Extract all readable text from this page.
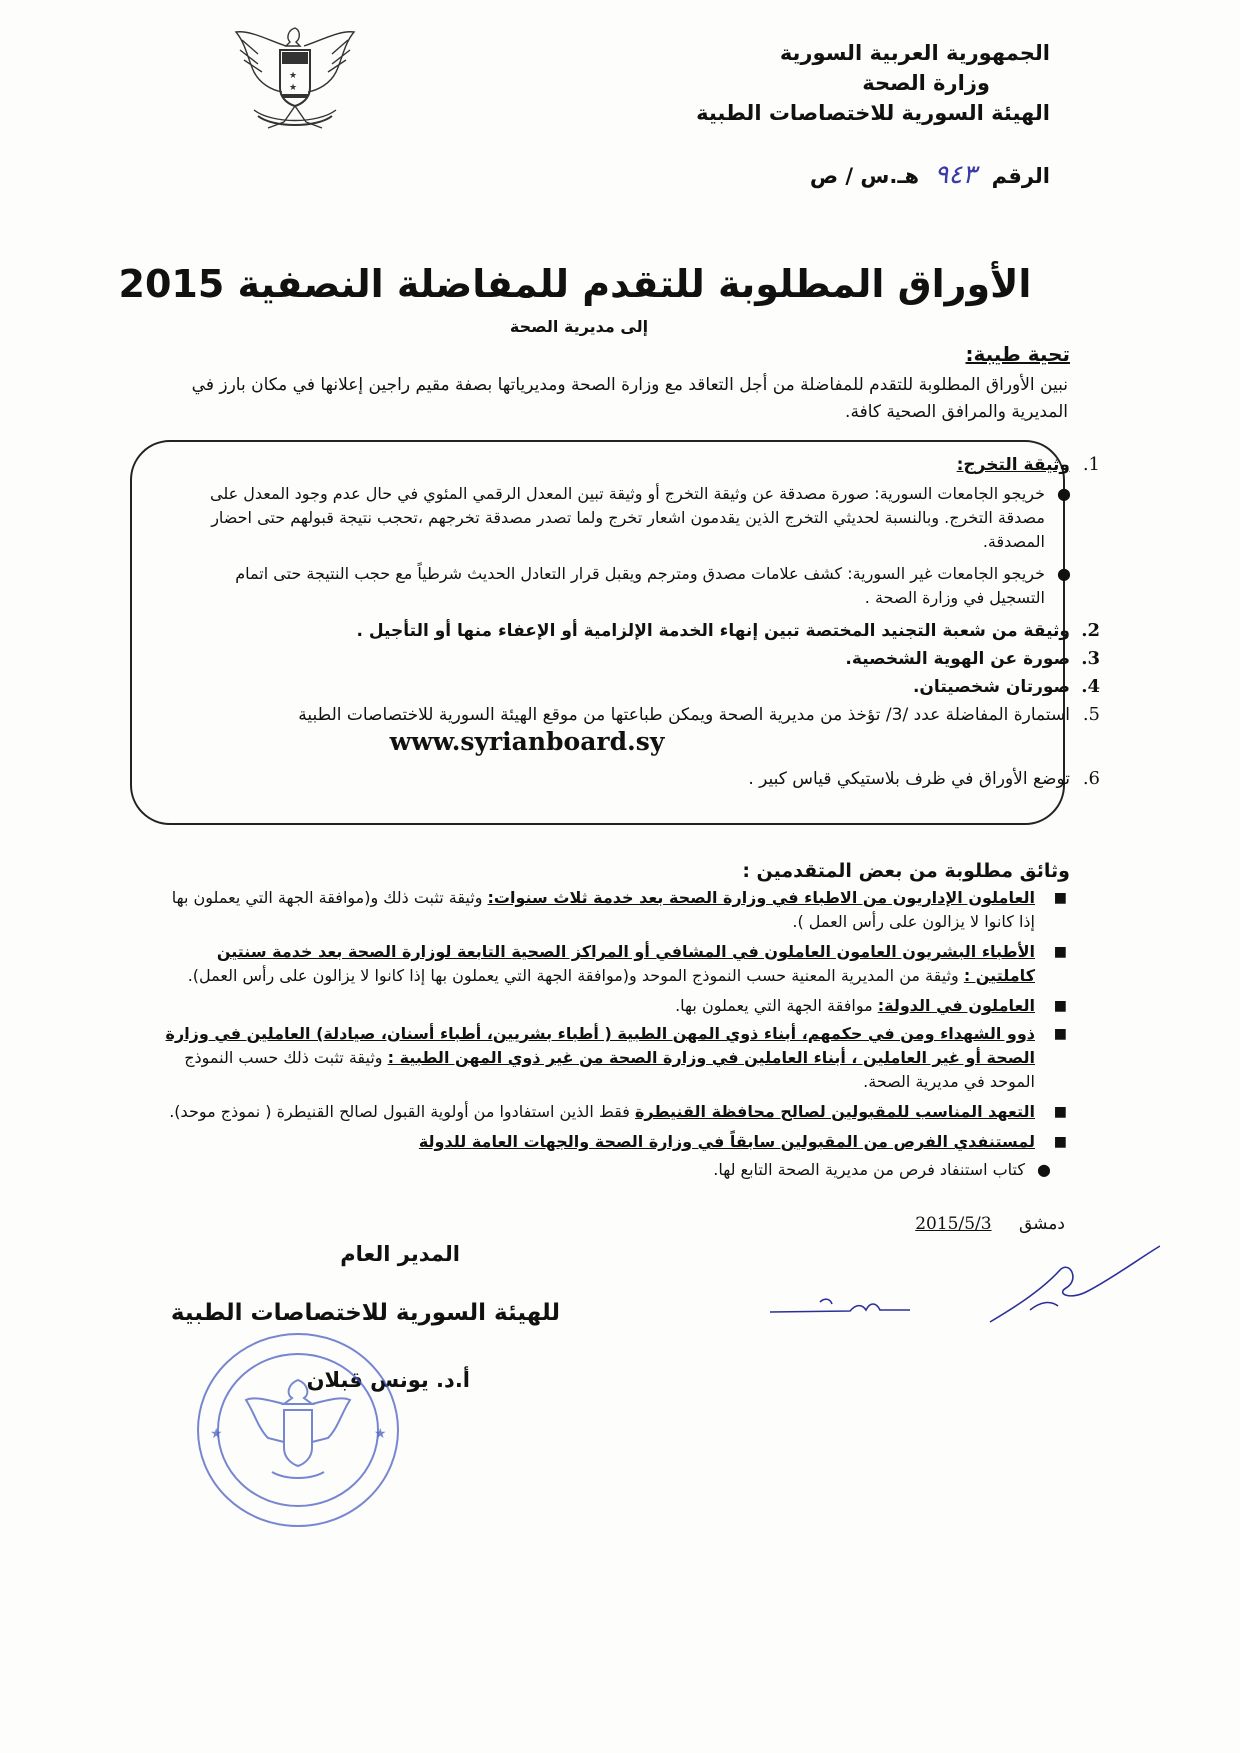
★
★
الجمهورية العربية السورية
وزارة الصحة
الهيئة السورية للاختصاصات الطبية
الرقم ٩٤٣ هـ.س / ص
الأوراق المطلوبة للتقدم للمفاضلة النصفية 2015
إلى مديرية الصحة
تحية طيبة:
نبين الأوراق المطلوبة للتقدم للمفاضلة من أجل التعاقد مع وزارة الصحة ومديرياتها بصفة مقيم راجين إعلانها في مكان بارز في المديرية والمرافق الصحية كافة.
1.
وثيقة التخرج:
●
خريجو الجامعات السورية: صورة مصدقة عن وثيقة التخرج أو وثيقة تبين المعدل الرقمي المئوي في حال عدم وجود المعدل على مصدقة التخرج. وبالنسبة لحديثي التخرج الذين يقدمون اشعار تخرج ولما تصدر مصدقة تخرجهم ،تحجب نتيجة قبولهم حتى احضار المصدقة.
●
خريجو الجامعات غير السورية: كشف علامات مصدق ومترجم ويقبل قرار التعادل الحديث شرطياً مع حجب النتيجة حتى اتمام التسجيل في وزارة الصحة .
2.
وثيقة من شعبة التجنيد المختصة تبين إنهاء الخدمة الإلزامية أو الإعفاء منها أو التأجيل .
3.
صورة عن الهوية الشخصية.
4.
صورتان شخصيتان.
5.
استمارة المفاضلة عدد /3/ تؤخذ من مديرية الصحة ويمكن طباعتها من موقع الهيئة السورية للاختصاصات الطبية
www.syrianboard.sy
6.
توضع الأوراق في ظرف بلاستيكي قياس كبير .
وثائق مطلوبة من بعض المتقدمين :
■
العاملون الإداريون من الاطباء في وزارة الصحة بعد خدمة ثلاث سنوات: وثيقة تثبت ذلك و(موافقة الجهة التي يعملون بها إذا كانوا لا يزالون على رأس العمل ).
■
الأطباء البشريون العامون العاملون في المشافي أو المراكز الصحية التابعة لوزارة الصحة بعد خدمة سنتين كاملتين : وثيقة من المديرية المعنية حسب النموذج الموحد و(موافقة الجهة التي يعملون بها إذا كانوا لا يزالون على رأس العمل).
■
العاملون في الدولة: موافقة الجهة التي يعملون بها.
■
ذوو الشهداء ومن في حكمهم، أبناء ذوي المهن الطبية ( أطباء بشريين، أطباء أسنان، صيادلة) العاملين في وزارة الصحة أو غير العاملين ، أبناء العاملين في وزارة الصحة من غير ذوي المهن الطبية : وثيقة تثبت ذلك حسب النموذج الموحد في مديرية الصحة.
■
التعهد المناسب للمقبولين لصالح محافظة القنيطرة فقط الذين استفادوا من أولوية القبول لصالح القنيطرة ( نموذج موحد).
■
لمستنفدي الفرص من المقبولين سابقاً في وزارة الصحة والجهات العامة للدولة
●
كتاب استنفاد فرص من مديرية الصحة التابع لها.
دمشق 2015/5/3
المدير العام
للهيئة السورية للاختصاصات الطبية
أ.د. يونس قبلان
★	★
